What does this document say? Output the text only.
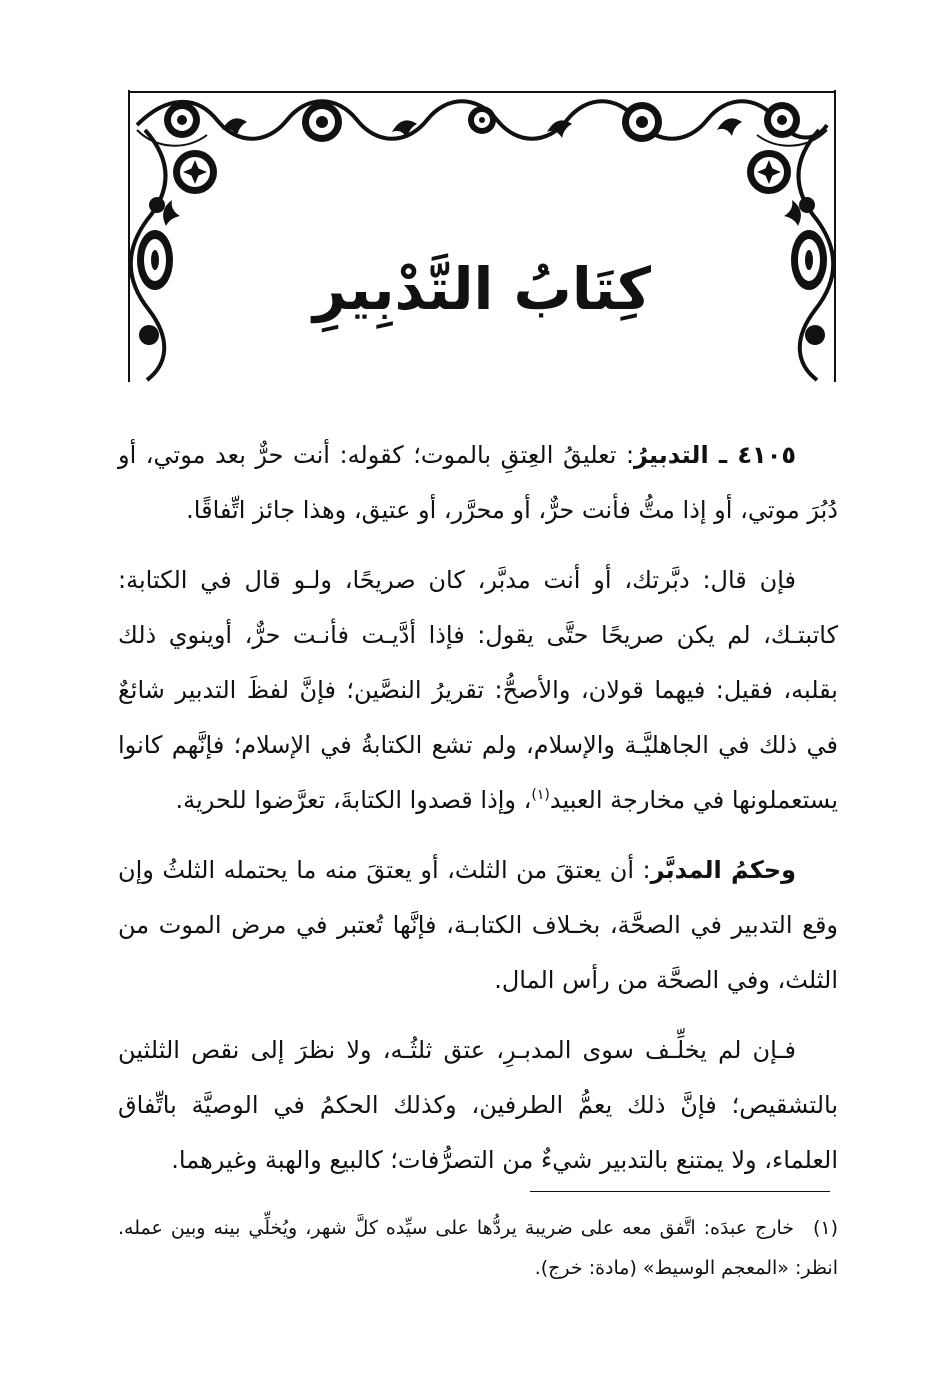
كِتَابُ التَّدْبِيرِ

٤١٠٥ ـ التدبيرُ: تعليقُ العِتقِ بالموت؛ كقوله: أنت حرٌّ بعد موتي، أو دُبُرَ موتي، أو إذا متُّ فأنت حرٌّ، أو محرَّر، أو عتيق، وهذا جائز اتِّفاقًا.

فإن قال: دبَّرتك، أو أنت مدبَّر، كان صريحًا، ولـو قال في الكتابة: كاتبتـك، لم يكن صريحًا حتَّى يقول: فإذا أدَّيـت فأنـت حرٌّ، أوينوي ذلك بقلبه، فقيل: فيهما قولان، والأصحُّ: تقريرُ النصَّين؛ فإنَّ لفظَ التدبير شائعٌ في ذلك في الجاهليَّـة والإسلام، ولم تشع الكتابةُ في الإسلام؛ فإنَّهم كانوا يستعملونها في مخارجة العبيد$^{(١)}$، وإذا قصدوا الكتابةَ، تعرَّضوا للحرية.

وحكمُ المدبَّر: أن يعتقَ من الثلث، أو يعتقَ منه ما يحتمله الثلثُ وإن وقع التدبير في الصحَّة، بخـلاف الكتابـة، فإنَّها تُعتبر في مرض الموت من الثلث، وفي الصحَّة من رأس المال.

فـإن لم يخلِّـف سوى المدبـرِ، عتق ثلثُـه، ولا نظرَ إلى نقص الثلثين بالتشقيص؛ فإنَّ ذلك يعمُّ الطرفين، وكذلك الحكمُ في الوصيَّة باتِّفاق العلماء، ولا يمتنع بالتدبير شيءٌ من التصرُّفات؛ كالبيع والهبة وغيرهما.

(١)خارج عبدَه: اتَّفق معه على ضريبة يردُّها على سيِّده كلَّ شهر، ويُخلِّي بينه وبين عمله. انظر: «المعجم الوسيط» (مادة: خرج).
